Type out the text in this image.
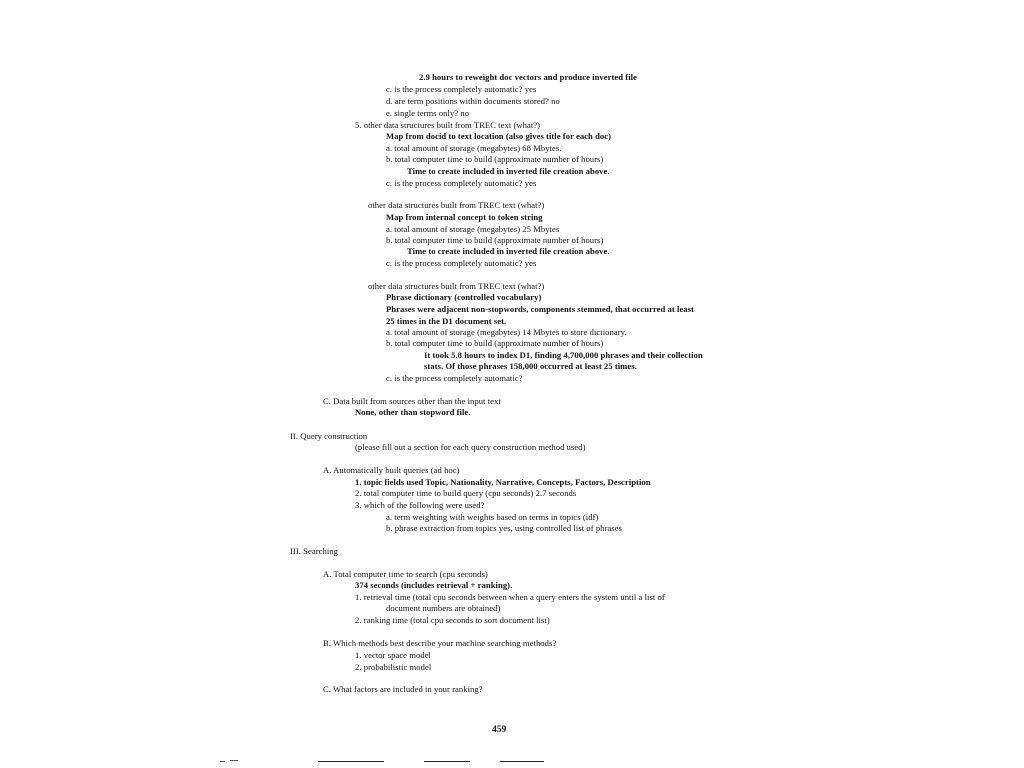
2.9 hours to reweight doc vectors and produce inverted file
c. is the process completely automatic? yes
d. are term positions within documents stored? no
e. single terms only? no
5. other data structures built from TREC text (what?)
Map from docid to text location (also gives title for each doc)
a. total amount of storage (megabytes) 68 Mbytes.
b. total computer time to build (approximate number of hours)
Time to create included in inverted file creation above.
c. is the process completely automatic? yes
other data structures built from TREC text (what?)
Map from internal concept to token string
a. total amount of storage (megabytes) 25 Mbytes
b. total computer time to build (approximate number of hours)
Time to create included in inverted file creation above.
c. is the process completely automatic? yes
other data structures built from TREC text (what?)
Phrase dictionary (controlled vocabulary)
Phrases were adjacent non-stopwords, components stemmed, that occurred at least
25 times in the D1 document set.
a. total amount of storage (megabytes) 14 Mbytes to store dictionary.
b. total computer time to build (approximate number of hours)
It took 5.8 hours to index D1, finding 4,700,000 phrases and their collection
stats. Of those phrases 158,000 occurred at least 25 times.
c. is the process completely automatic?
C. Data built from sources other than the input text
None, other than stopword file.
II. Query construction
(please fill out a section for each query construction method used)
A. Automatically built queries (ad hoc)
1. topic fields used Topic, Nationality, Narrative, Concepts, Factors, Description
2. total computer time to build query (cpu seconds) 2.7 seconds
3. which of the following were used?
a. term weighting with weights based on terms in topics (idf)
b. phrase extraction from topics yes, using controlled list of phrases
III. Searching
A. Total computer time to search (cpu seconds)
374 seconds (includes retrieval + ranking).
1. retrieval time (total cpu seconds between when a query enters the system until a list of
document numbers are obtained)
2. ranking time (total cpu seconds to sort document list)
B. Which methods best describe your machine searching methods?
1. vector space model
2. probabilistic model
C. What factors are included in your ranking?
459
